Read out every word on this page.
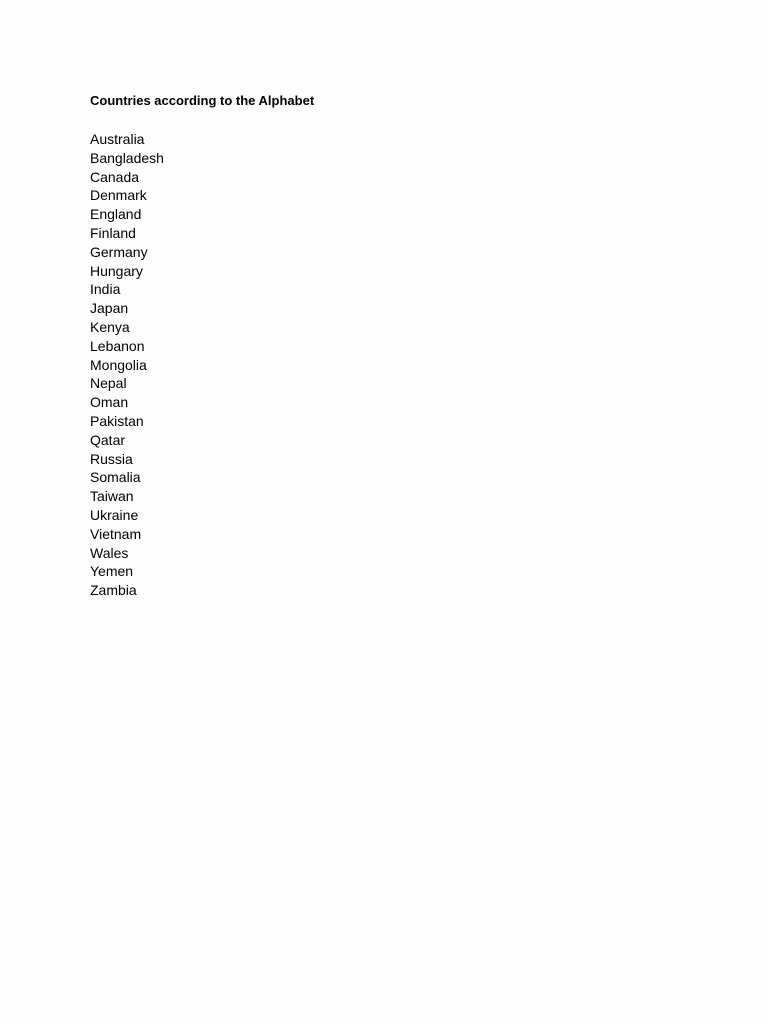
Countries according to the Alphabet
Australia
Bangladesh
Canada
Denmark
England
Finland
Germany
Hungary
India
Japan
Kenya
Lebanon
Mongolia
Nepal
Oman
Pakistan
Qatar
Russia
Somalia
Taiwan
Ukraine
Vietnam
Wales
Yemen
Zambia
